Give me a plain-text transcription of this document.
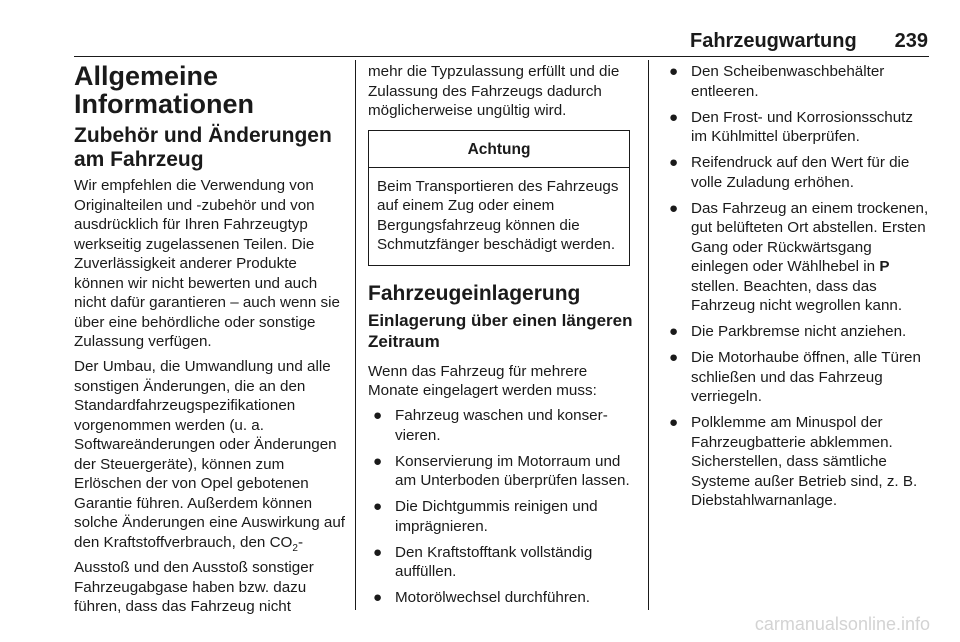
Fahrzeugwartung 239
Allgemeine Informationen
Zubehör und Änderungen am Fahrzeug

Wir empfehlen die Verwendung von Originalteilen und -zubehör und von ausdrücklich für Ihren Fahrzeugtyp werkseitig zugelassenen Teilen. Die Zuverlässigkeit anderer Produkte können wir nicht bewerten und auch nicht dafür garantieren – auch wenn sie über eine behördliche oder sonstige Zulassung verfügen.

Der Umbau, die Umwandlung und alle sonstigen Änderungen, die an den Standardfahrzeugspezifikationen vorgenommen werden (u. a. Softwareänderungen oder Änderungen der Steuergeräte), können zum Erlöschen der von Opel gebotenen Garantie führen. Außerdem können solche Änderungen eine Auswirkung auf den Kraftstoffverbrauch, den $CO_2$-Ausstoß und den Ausstoß sonstiger Fahrzeugabgase haben bzw. dazu führen, dass das Fahrzeug nicht

mehr die Typzulassung erfüllt und die Zulassung des Fahrzeugs dadurch möglicherweise ungültig wird.

Achtung
Beim Transportieren des Fahrzeugs auf einem Zug oder einem Bergungsfahrzeug können die Schmutzfänger beschädigt werden.
Fahrzeugeinlagerung
Einlagerung über einen längeren Zeitraum

Wenn das Fahrzeug für mehrere Monate eingelagert werden muss:

● Fahrzeug waschen und konservieren.
● Konservierung im Motorraum und am Unterboden überprüfen lassen.
● Die Dichtgummis reinigen und imprägnieren.
● Den Kraftstofftank vollständig auffüllen.
● Motorölwechsel durchführen.
● Den Scheibenwaschbehälter entleeren.
● Den Frost- und Korrosionsschutz im Kühlmittel überprüfen.
● Reifendruck auf den Wert für die volle Zuladung erhöhen.
● Das Fahrzeug an einem trockenen, gut belüfteten Ort abstellen. Ersten Gang oder Rückwärtsgang einlegen oder Wählhebel in P stellen. Beachten, dass das Fahrzeug nicht wegrollen kann.
● Die Parkbremse nicht anziehen.
● Die Motorhaube öffnen, alle Türen schließen und das Fahrzeug verriegeln.
● Polklemme am Minuspol der Fahrzeugbatterie abklemmen. Sicherstellen, dass sämtliche Systeme außer Betrieb sind, z. B. Diebstahlwarnanlage.
carmanualsonline.info
